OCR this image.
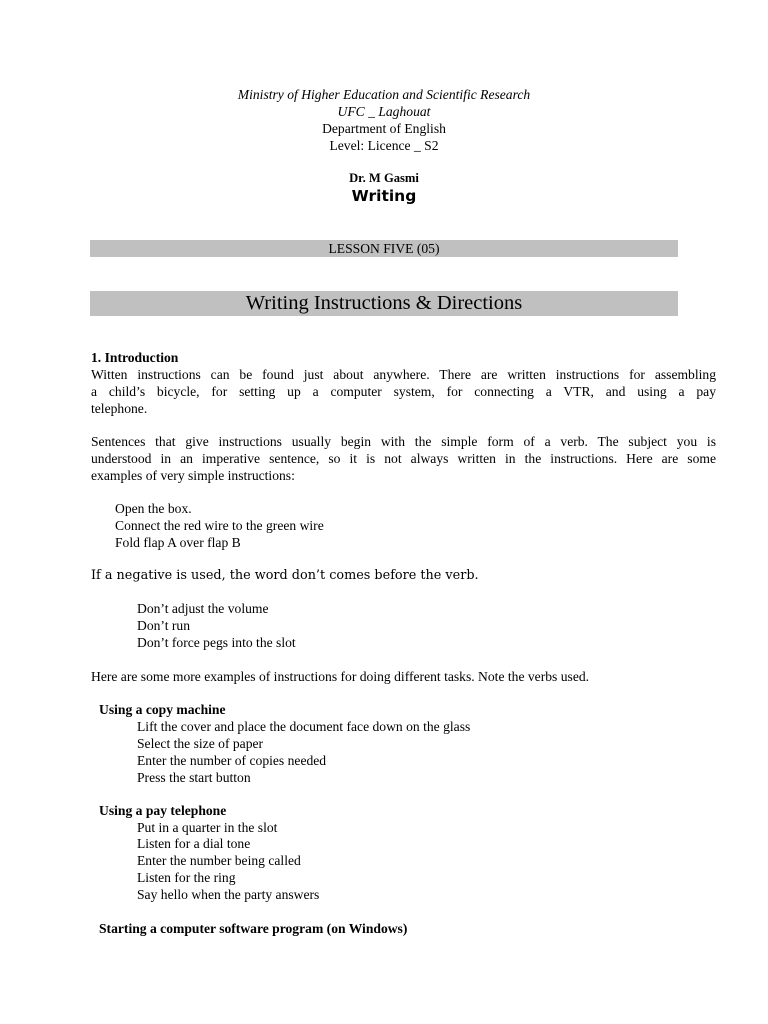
Ministry of Higher Education and Scientific Research
UFC _ Laghouat
Department of English
Level: Licence _ S2
Dr. M Gasmi
Writing
LESSON FIVE (05)
Writing Instructions & Directions
1. Introduction
Witten instructions can be found just about anywhere. There are written instructions for assembling
a child’s bicycle, for setting up a computer system, for connecting a VTR, and using a pay
telephone.
Sentences that give instructions usually begin with the simple form of a verb. The subject you is
understood in an imperative sentence, so it is not always written in the instructions. Here are some
examples of very simple instructions:
Open the box.
Connect the red wire to the green wire
Fold flap A over flap B
If a negative is used, the word don’t comes before the verb.
Don’t adjust the volume
Don’t run
Don’t force pegs into the slot
Here are some more examples of instructions for doing different tasks. Note the verbs used.
Using a copy machine
Lift the cover and place the document face down on the glass
Select the size of paper
Enter the number of copies needed
Press the start button
Using a pay telephone
Put in a quarter in the slot
Listen for a dial tone
Enter the number being called
Listen for the ring
Say hello when the party answers
Starting a computer software program (on Windows)
